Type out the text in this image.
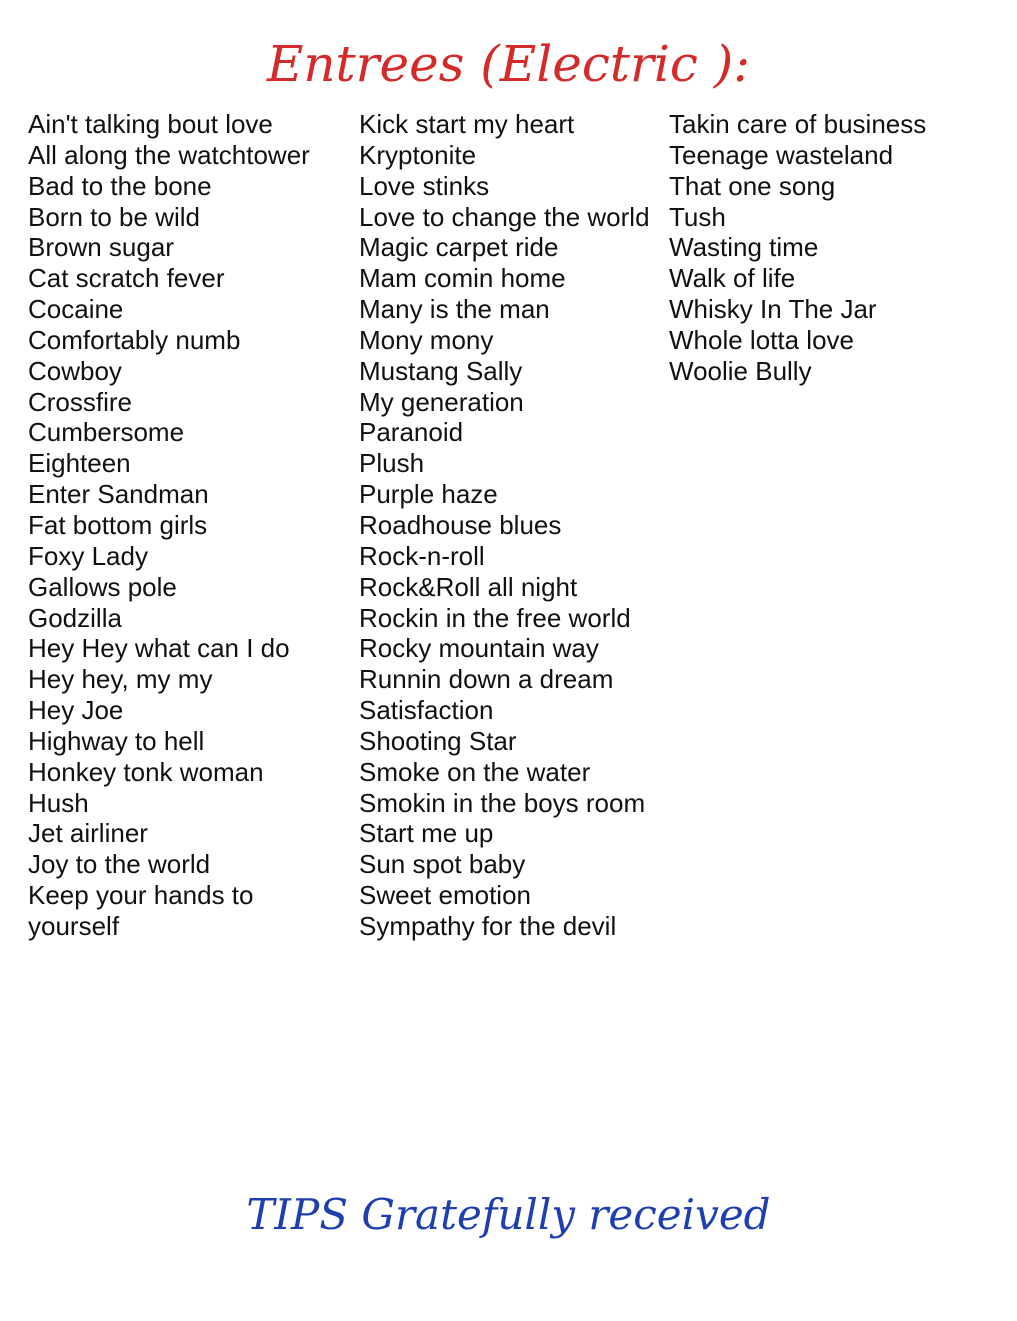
Entrees (Electric ):
Ain't talking bout love
All along the watchtower
Bad to the bone
Born to be wild
Brown sugar
Cat scratch fever
Cocaine
Comfortably numb
Cowboy
Crossfire
Cumbersome
Eighteen
Enter Sandman
Fat bottom girls
Foxy Lady
Gallows pole
Godzilla
Hey Hey what can I do
Hey hey, my my
Hey Joe
Highway to hell
Honkey tonk woman
Hush
Jet airliner
Joy to the world
Keep your hands to
yourself
Kick start my heart
Kryptonite
Love stinks
Love to change the world
Magic carpet ride
Mam comin home
Many is the man
Mony mony
Mustang Sally
My generation
Paranoid
Plush
Purple haze
Roadhouse blues
Rock-n-roll
Rock&Roll all night
Rockin in the free world
Rocky mountain way
Runnin down a dream
Satisfaction
Shooting Star
Smoke on the water
Smokin in the boys room
Start me up
Sun spot baby
Sweet emotion
Sympathy for the devil
Takin care of business
Teenage wasteland
That one song
Tush
Wasting time
Walk of life
Whisky In The Jar
Whole lotta love
Woolie Bully

TIPS Gratefully received
